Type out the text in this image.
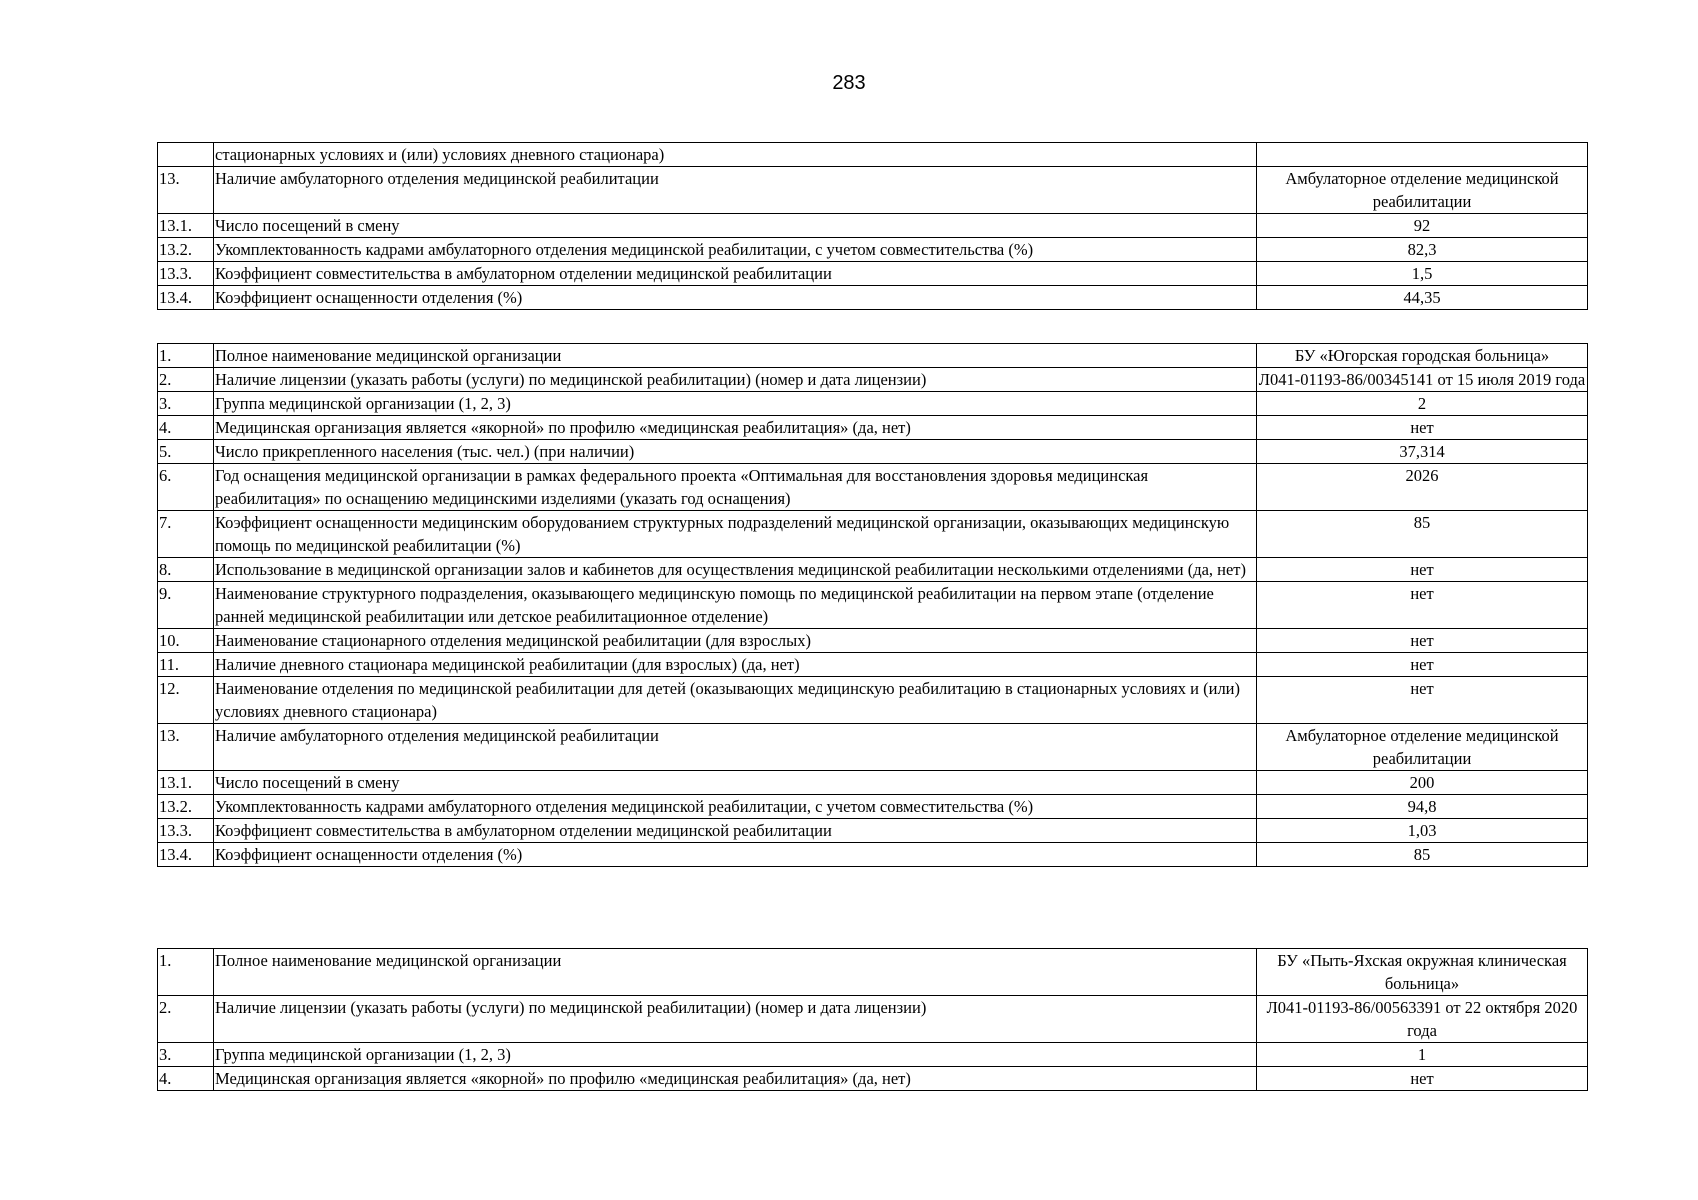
283
	стационарных условиях и (или) условиях дневного стационара)	
13.	Наличие амбулаторного отделения медицинской реабилитации	Амбулаторное отделение медицинской реабилитации
13.1.	Число посещений в смену	92
13.2.	Укомплектованность кадрами амбулаторного отделения медицинской реабилитации, с учетом совместительства (%)	82,3
13.3.	Коэффициент совместительства в амбулаторном отделении медицинской реабилитации	1,5
13.4.	Коэффициент оснащенности отделения (%)	44,35
1.	Полное наименование медицинской организации	БУ «Югорская городская больница»
2.	Наличие лицензии (указать работы (услуги) по медицинской реабилитации) (номер и дата лицензии)	Л041-01193-86/00345141 от 15 июля 2019 года
3.	Группа медицинской организации (1, 2, 3)	2
4.	Медицинская организация является «якорной» по профилю «медицинская реабилитация» (да, нет)	нет
5.	Число прикрепленного населения (тыс. чел.) (при наличии)	37,314
6.	Год оснащения медицинской организации в рамках федерального проекта «Оптимальная для восстановления здоровья медицинская реабилитация» по оснащению медицинскими изделиями (указать год оснащения)	2026
7.	Коэффициент оснащенности медицинским оборудованием структурных подразделений медицинской организации, оказывающих медицинскую помощь по медицинской реабилитации (%)	85
8.	Использование в медицинской организации залов и кабинетов для осуществления медицинской реабилитации несколькими отделениями (да, нет)	нет
9.	Наименование структурного подразделения, оказывающего медицинскую помощь по медицинской реабилитации на первом этапе (отделение ранней медицинской реабилитации или детское реабилитационное отделение)	нет
10.	Наименование стационарного отделения медицинской реабилитации (для взрослых)	нет
11.	Наличие дневного стационара медицинской реабилитации (для взрослых) (да, нет)	нет
12.	Наименование отделения по медицинской реабилитации для детей (оказывающих медицинскую реабилитацию в стационарных условиях и (или) условиях дневного стационара)	нет
13.	Наличие амбулаторного отделения медицинской реабилитации	Амбулаторное отделение медицинской реабилитации
13.1.	Число посещений в смену	200
13.2.	Укомплектованность кадрами амбулаторного отделения медицинской реабилитации, с учетом совместительства (%)	94,8
13.3.	Коэффициент совместительства в амбулаторном отделении медицинской реабилитации	1,03
13.4.	Коэффициент оснащенности отделения (%)	85
1.	Полное наименование медицинской организации	БУ «Пыть-Яхская окружная клиническая больница»
2.	Наличие лицензии (указать работы (услуги) по медицинской реабилитации) (номер и дата лицензии)	Л041-01193-86/00563391 от 22 октября 2020 года
3.	Группа медицинской организации (1, 2, 3)	1
4.	Медицинская организация является «якорной» по профилю «медицинская реабилитация» (да, нет)	нет
